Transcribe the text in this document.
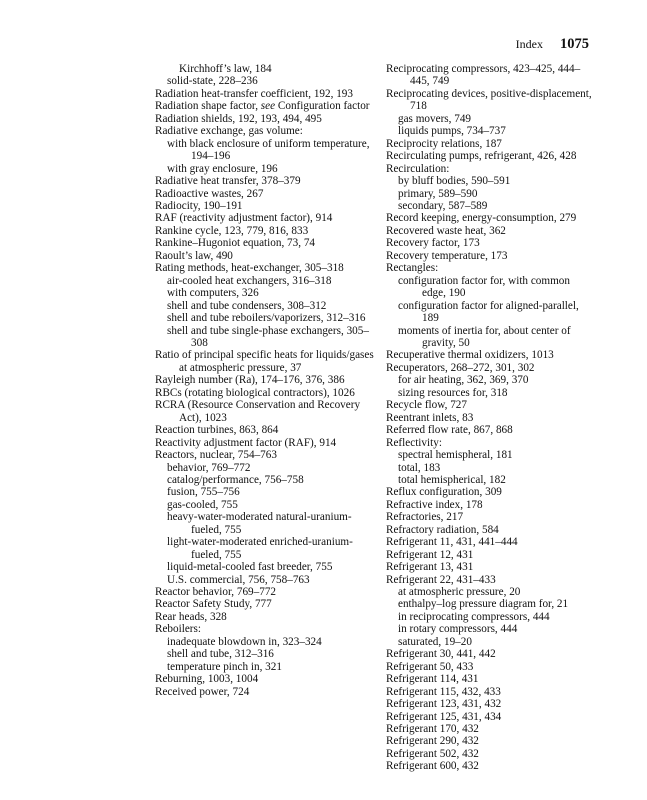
Index 1075
Kirchhoff’s law, 184
solid-state, 228–236
Radiation heat-transfer coefficient, 192, 193
Radiation shape factor, see Configuration factor
Radiation shields, 192, 193, 494, 495
Radiative exchange, gas volume:
with black enclosure of uniform temperature, 194–196
with gray enclosure, 196
Radiative heat transfer, 378–379
Radioactive wastes, 267
Radiocity, 190–191
RAF (reactivity adjustment factor), 914
Rankine cycle, 123, 779, 816, 833
Rankine–Hugoniot equation, 73, 74
Raoult’s law, 490
Rating methods, heat-exchanger, 305–318
air-cooled heat exchangers, 316–318
with computers, 326
shell and tube condensers, 308–312
shell and tube reboilers/vaporizers, 312–316
shell and tube single-phase exchangers, 305–308
Ratio of principal specific heats for liquids/gases at atmospheric pressure, 37
Rayleigh number (Ra), 174–176, 376, 386
RBCs (rotating biological contractors), 1026
RCRA (Resource Conservation and Recovery Act), 1023
Reaction turbines, 863, 864
Reactivity adjustment factor (RAF), 914
Reactors, nuclear, 754–763
behavior, 769–772
catalog/performance, 756–758
fusion, 755–756
gas-cooled, 755
heavy-water-moderated natural-uranium-fueled, 755
light-water-moderated enriched-uranium-fueled, 755
liquid-metal-cooled fast breeder, 755
U.S. commercial, 756, 758–763
Reactor behavior, 769–772
Reactor Safety Study, 777
Rear heads, 328
Reboilers:
inadequate blowdown in, 323–324
shell and tube, 312–316
temperature pinch in, 321
Reburning, 1003, 1004
Received power, 724
Reciprocating compressors, 423–425, 444–445, 749
Reciprocating devices, positive-displacement, 718
gas movers, 749
liquids pumps, 734–737
Reciprocity relations, 187
Recirculating pumps, refrigerant, 426, 428
Recirculation:
by bluff bodies, 590–591
primary, 589–590
secondary, 587–589
Record keeping, energy-consumption, 279
Recovered waste heat, 362
Recovery factor, 173
Recovery temperature, 173
Rectangles:
configuration factor for, with common edge, 190
configuration factor for aligned-parallel, 189
moments of inertia for, about center of gravity, 50
Recuperative thermal oxidizers, 1013
Recuperators, 268–272, 301, 302
for air heating, 362, 369, 370
sizing resources for, 318
Recycle flow, 727
Reentrant inlets, 83
Referred flow rate, 867, 868
Reflectivity:
spectral hemispheral, 181
total, 183
total hemispherical, 182
Reflux configuration, 309
Refractive index, 178
Refractories, 217
Refractory radiation, 584
Refrigerant 11, 431, 441–444
Refrigerant 12, 431
Refrigerant 13, 431
Refrigerant 22, 431–433
at atmospheric pressure, 20
enthalpy–log pressure diagram for, 21
in reciprocating compressors, 444
in rotary compressors, 444
saturated, 19–20
Refrigerant 30, 441, 442
Refrigerant 50, 433
Refrigerant 114, 431
Refrigerant 115, 432, 433
Refrigerant 123, 431, 432
Refrigerant 125, 431, 434
Refrigerant 170, 432
Refrigerant 290, 432
Refrigerant 502, 432
Refrigerant 600, 432
